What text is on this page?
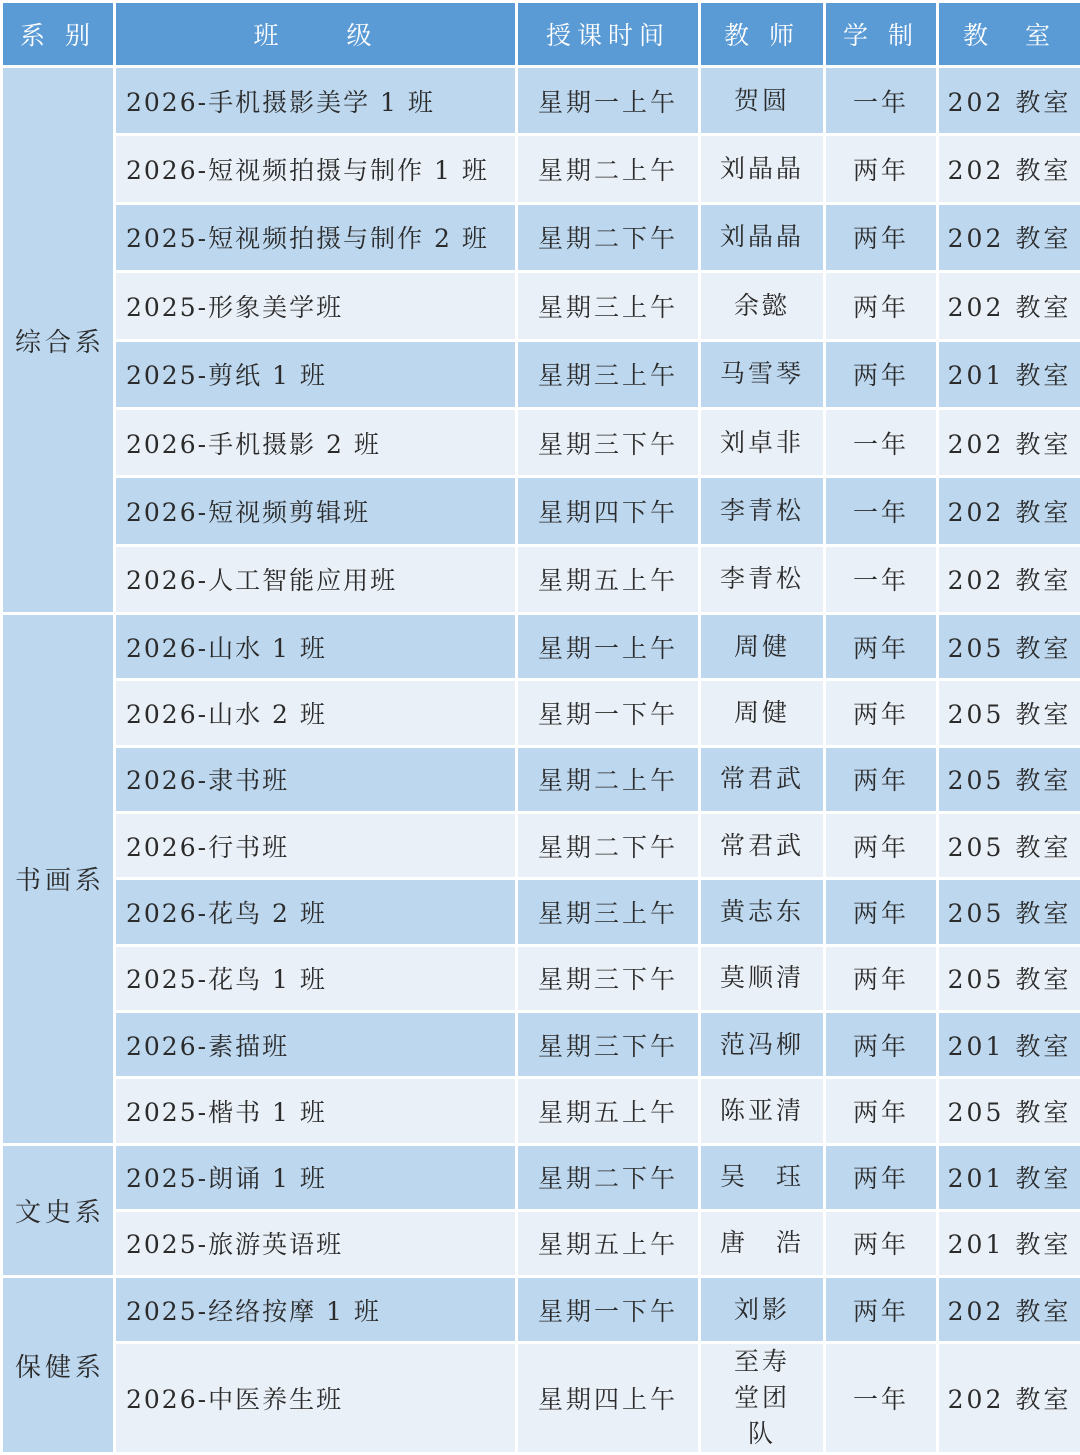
系 别	班　　级	授课时间	教 师	学 制	教　室
综合系	2026-手机摄影美学 1 班	星期一上午	贺圆	一年	202 教室
	2026-短视频拍摄与制作 1 班	星期二上午	刘晶晶	两年	202 教室
	2025-短视频拍摄与制作 2 班	星期二下午	刘晶晶	两年	202 教室
	2025-形象美学班	星期三上午	余懿	两年	202 教室
	2025-剪纸 1 班	星期三上午	马雪琴	两年	201 教室
	2026-手机摄影 2 班	星期三下午	刘卓非	一年	202 教室
	2026-短视频剪辑班	星期四下午	李青松	一年	202 教室
	2026-人工智能应用班	星期五上午	李青松	一年	202 教室
书画系	2026-山水 1 班	星期一上午	周健	两年	205 教室
	2026-山水 2 班	星期一下午	周健	两年	205 教室
	2026-隶书班	星期二上午	常君武	两年	205 教室
	2026-行书班	星期二下午	常君武	两年	205 教室
	2026-花鸟 2 班	星期三上午	黄志东	两年	205 教室
	2025-花鸟 1 班	星期三下午	莫顺清	两年	205 教室
	2026-素描班	星期三下午	范冯柳	两年	201 教室
	2025-楷书 1 班	星期五上午	陈亚清	两年	205 教室
文史系	2025-朗诵 1 班	星期二下午	吴　珏	两年	201 教室
	2025-旅游英语班	星期五上午	唐　浩	两年	201 教室
保健系	2025-经络按摩 1 班	星期一下午	刘影	两年	202 教室
	2026-中医养生班	星期四上午	至寿堂团队	一年	202 教室
